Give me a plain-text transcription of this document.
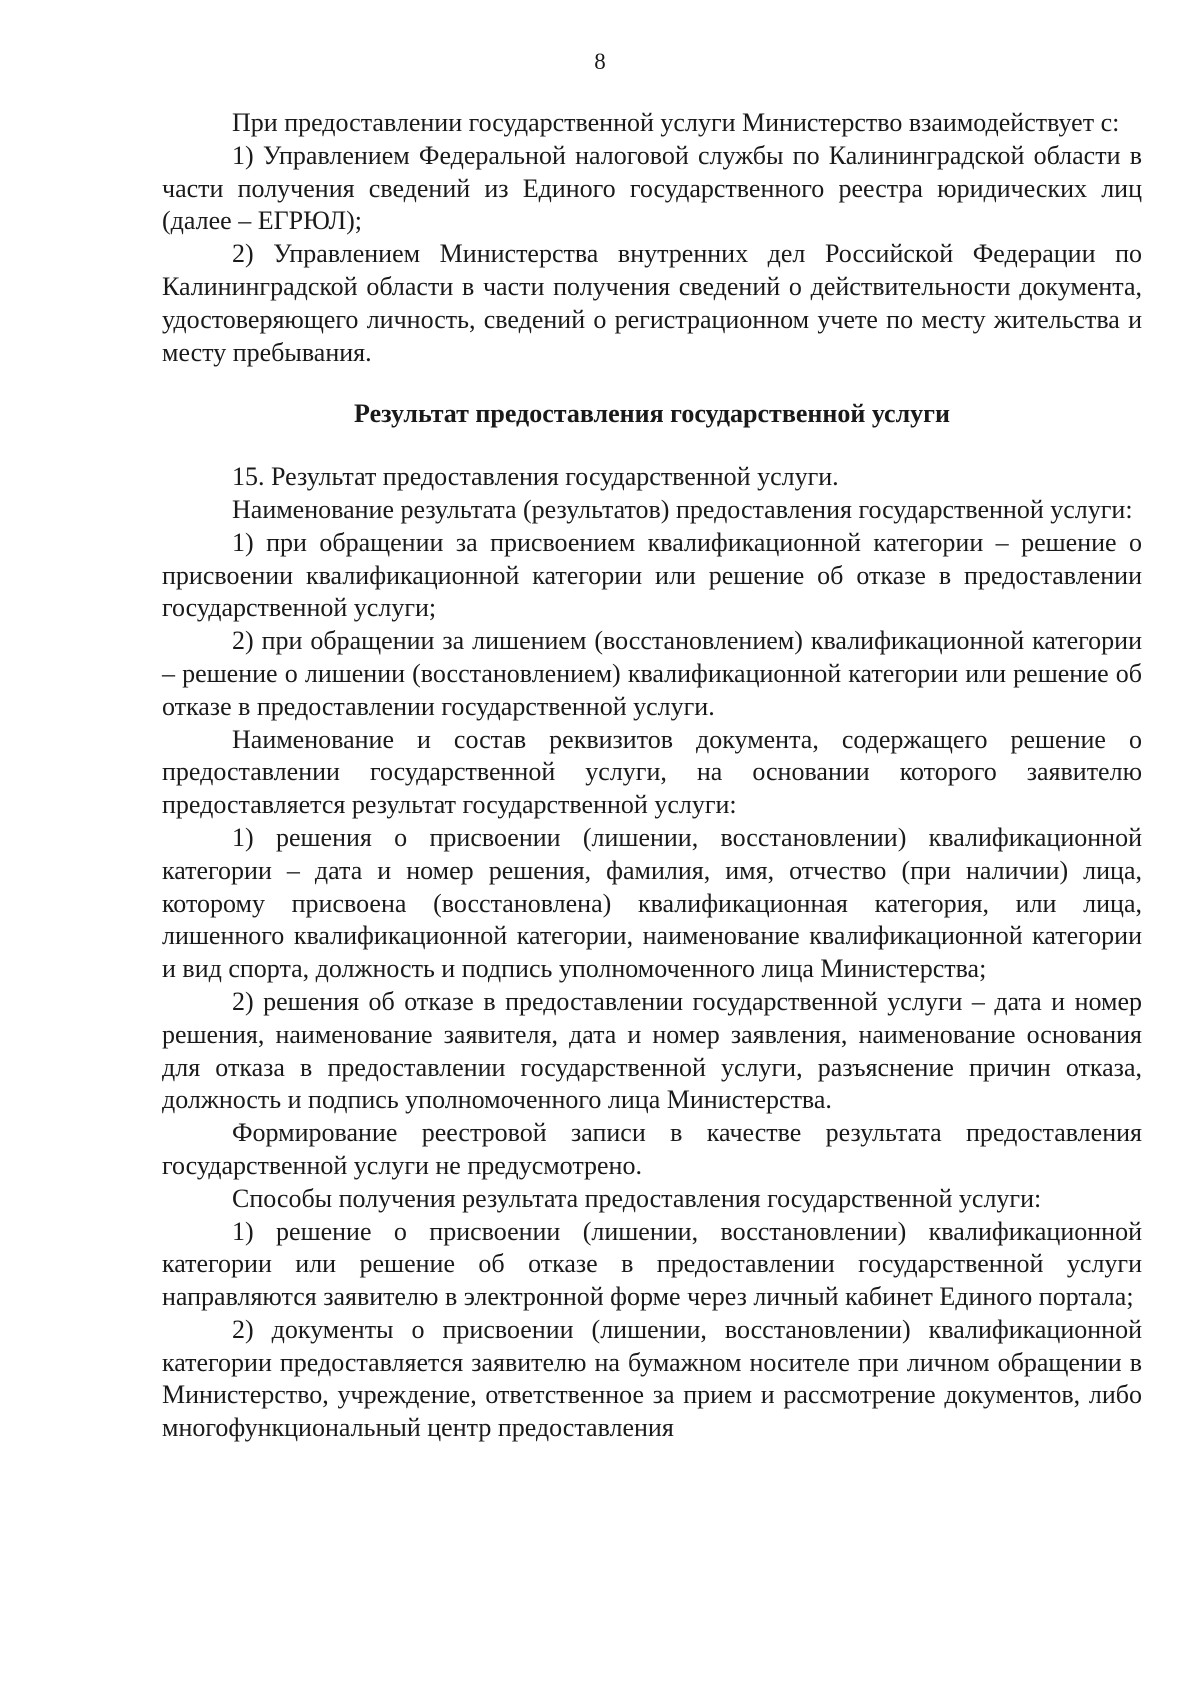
8

При предоставлении государственной услуги Министерство взаимодействует с:

1) Управлением Федеральной налоговой службы по Калининградской области в части получения сведений из Единого государственного реестра юридических лиц (далее – ЕГРЮЛ);

2) Управлением Министерства внутренних дел Российской Федерации по Калининградской области в части получения сведений о действительности документа, удостоверяющего личность, сведений о регистрационном учете по месту жительства и месту пребывания.

Результат предоставления государственной услуги

15. Результат предоставления государственной услуги.

Наименование результата (результатов) предоставления государственной услуги:

1) при обращении за присвоением квалификационной категории – решение о присвоении квалификационной категории или решение об отказе в предоставлении государственной услуги;

2) при обращении за лишением (восстановлением) квалификационной категории – решение о лишении (восстановлением) квалификационной категории или решение об отказе в предоставлении государственной услуги.

Наименование и состав реквизитов документа, содержащего решение о предоставлении государственной услуги, на основании которого заявителю предоставляется результат государственной услуги:

1) решения о присвоении (лишении, восстановлении) квалификационной категории – дата и номер решения, фамилия, имя, отчество (при наличии) лица, которому присвоена (восстановлена) квалификационная категория, или лица, лишенного квалификационной категории, наименование квалификационной категории и вид спорта, должность и подпись уполномоченного лица Министерства;

2) решения об отказе в предоставлении государственной услуги – дата и номер решения, наименование заявителя, дата и номер заявления, наименование основания для отказа в предоставлении государственной услуги, разъяснение причин отказа, должность и подпись уполномоченного лица Министерства.

Формирование реестровой записи в качестве результата предоставления государственной услуги не предусмотрено.

Способы получения результата предоставления государственной услуги:

1) решение о присвоении (лишении, восстановлении) квалификационной категории или решение об отказе в предоставлении государственной услуги направляются заявителю в электронной форме через личный кабинет Единого портала;

2) документы о присвоении (лишении, восстановлении) квалификационной категории предоставляется заявителю на бумажном носителе при личном обращении в Министерство, учреждение, ответственное за прием и рассмотрение документов, либо многофункциональный центр предоставления
